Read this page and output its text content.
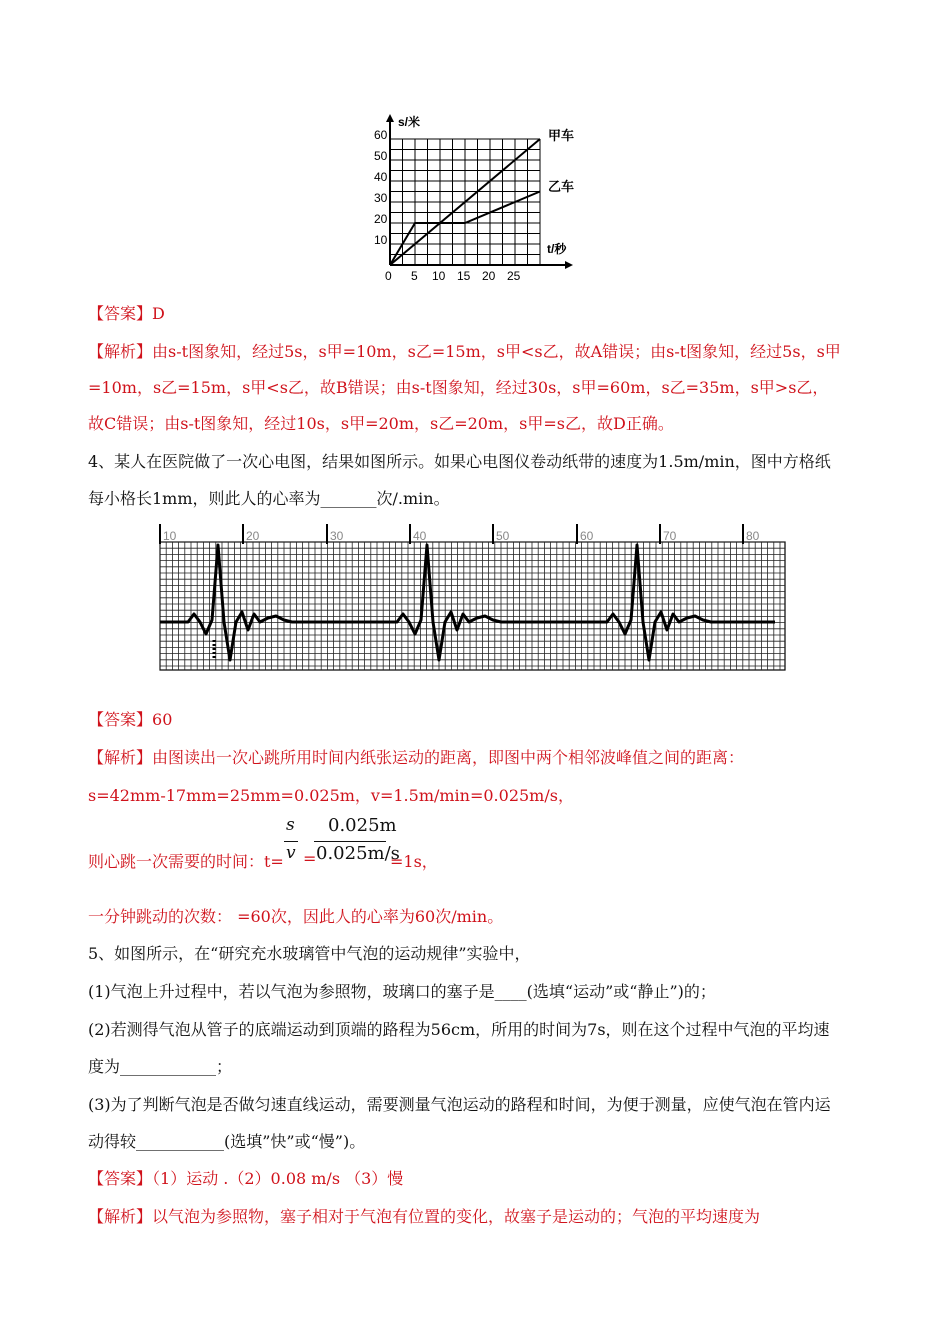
s/米
t/秒
甲车
乙车
60
50
40
30
20
10
0 5 10 15 20 25
【答案】D
【解析】由s-t图象知，经过5s，s甲=10m，s乙=15m，s甲<s乙，故A错误；由s-t图象知，经过5s，s甲
=10m，s乙=15m，s甲<s乙，故B错误；由s-t图象知，经过30s，s甲=60m，s乙=35m，s甲>s乙，
故C错误；由s-t图象知，经过10s，s甲=20m，s乙=20m，s甲=s乙，故D正确。
4、某人在医院做了一次心电图，结果如图所示。如果心电图仪卷动纸带的速度为1.5m/min，图中方格纸
每小格长1mm，则此人的心率为_______次/.min。
10	20	30	40	50	60	70	80
【答案】60
【解析】由图读出一次心跳所用时间内纸张运动的距离，即图中两个相邻波峰值之间的距离：
s=42mm-17mm=25mm=0.025m，v=1.5m/min=0.025m/s，
s
v
则心跳一次需要的时间：t= =
0.025m
0.025m/s
=1s，
一分钟跳动的次数： =60次，因此人的心率为60次/min。
5、如图所示，在“研究充水玻璃管中气泡的运动规律”实验中，
(1)气泡上升过程中，若以气泡为参照物，玻璃口的塞子是____(选填“运动”或“静止”)的；
(2)若测得气泡从管子的底端运动到顶端的路程为56cm，所用的时间为7s，则在这个过程中气泡的平均速
度为____________；
(3)为了判断气泡是否做匀速直线运动，需要测量气泡运动的路程和时间，为便于测量，应使气泡在管内运
动得较___________(选填”快”或“慢”)。
【答案】（1）运动 .（2）0.08 m/s （3）慢
【解析】以气泡为参照物，塞子相对于气泡有位置的变化，故塞子是运动的；气泡的平均速度为
